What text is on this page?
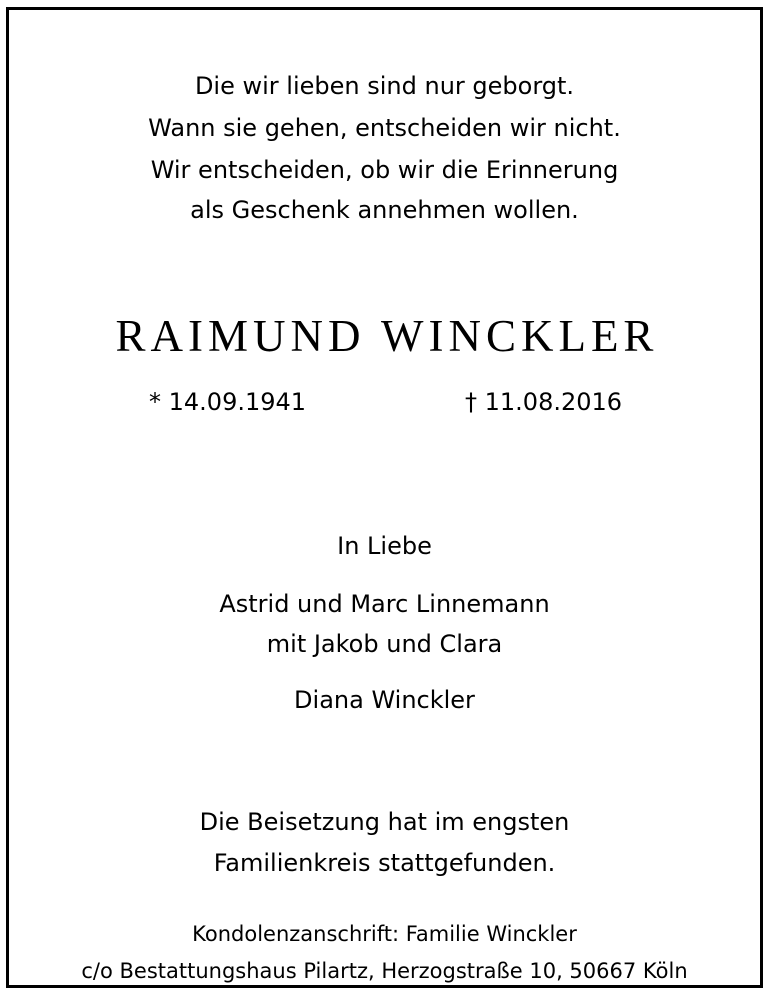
Die wir lieben sind nur geborgt.
Wann sie gehen, entscheiden wir nicht.
Wir entscheiden, ob wir die Erinnerung
als Geschenk annehmen wollen.
RAIMUND WINCKLER
* 14.09.1941	† 11.08.2016
In Liebe
Astrid und Marc Linnemann
mit Jakob und Clara
Diana Winckler
Die Beisetzung hat im engsten
Familienkreis stattgefunden.
Kondolenzanschrift: Familie Winckler
c/o Bestattungshaus Pilartz, Herzogstraße 10, 50667 Köln
